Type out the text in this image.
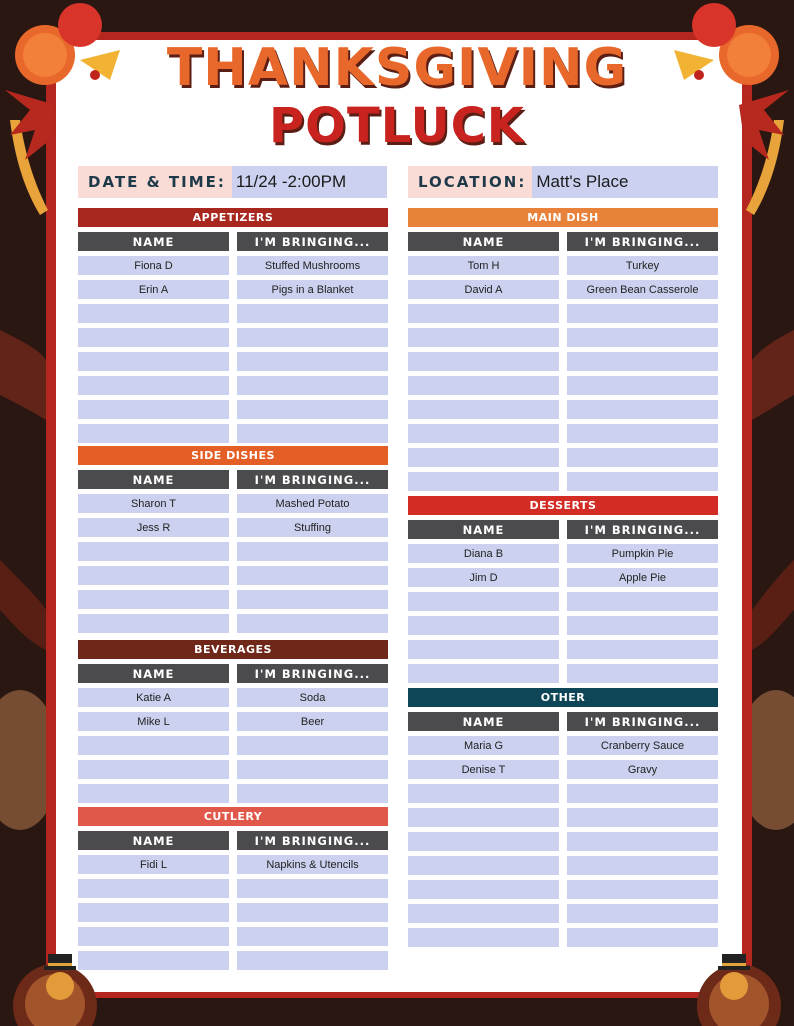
THANKSGIVING
POTLUCK
DATE & TIME: 11/24 -2:00PM	LOCATION: Matt's Place
APPETIZERS
NAME	I'M BRINGING...
Fiona D	Stuffed Mushrooms
Erin A	Pigs in a Blanket
SIDE DISHES
NAME	I'M BRINGING...
Sharon T	Mashed Potato
Jess R	Stuffing
BEVERAGES
NAME	I'M BRINGING...
Katie A	Soda
Mike L	Beer
CUTLERY
NAME	I'M BRINGING...
Fidi L	Napkins & Utencils
MAIN DISH
NAME	I'M BRINGING...
Tom H	Turkey
David A	Green Bean Casserole
DESSERTS
NAME	I'M BRINGING...
Diana B	Pumpkin Pie
Jim D	Apple Pie
OTHER
NAME	I'M BRINGING...
Maria G	Cranberry Sauce
Denise T	Gravy
